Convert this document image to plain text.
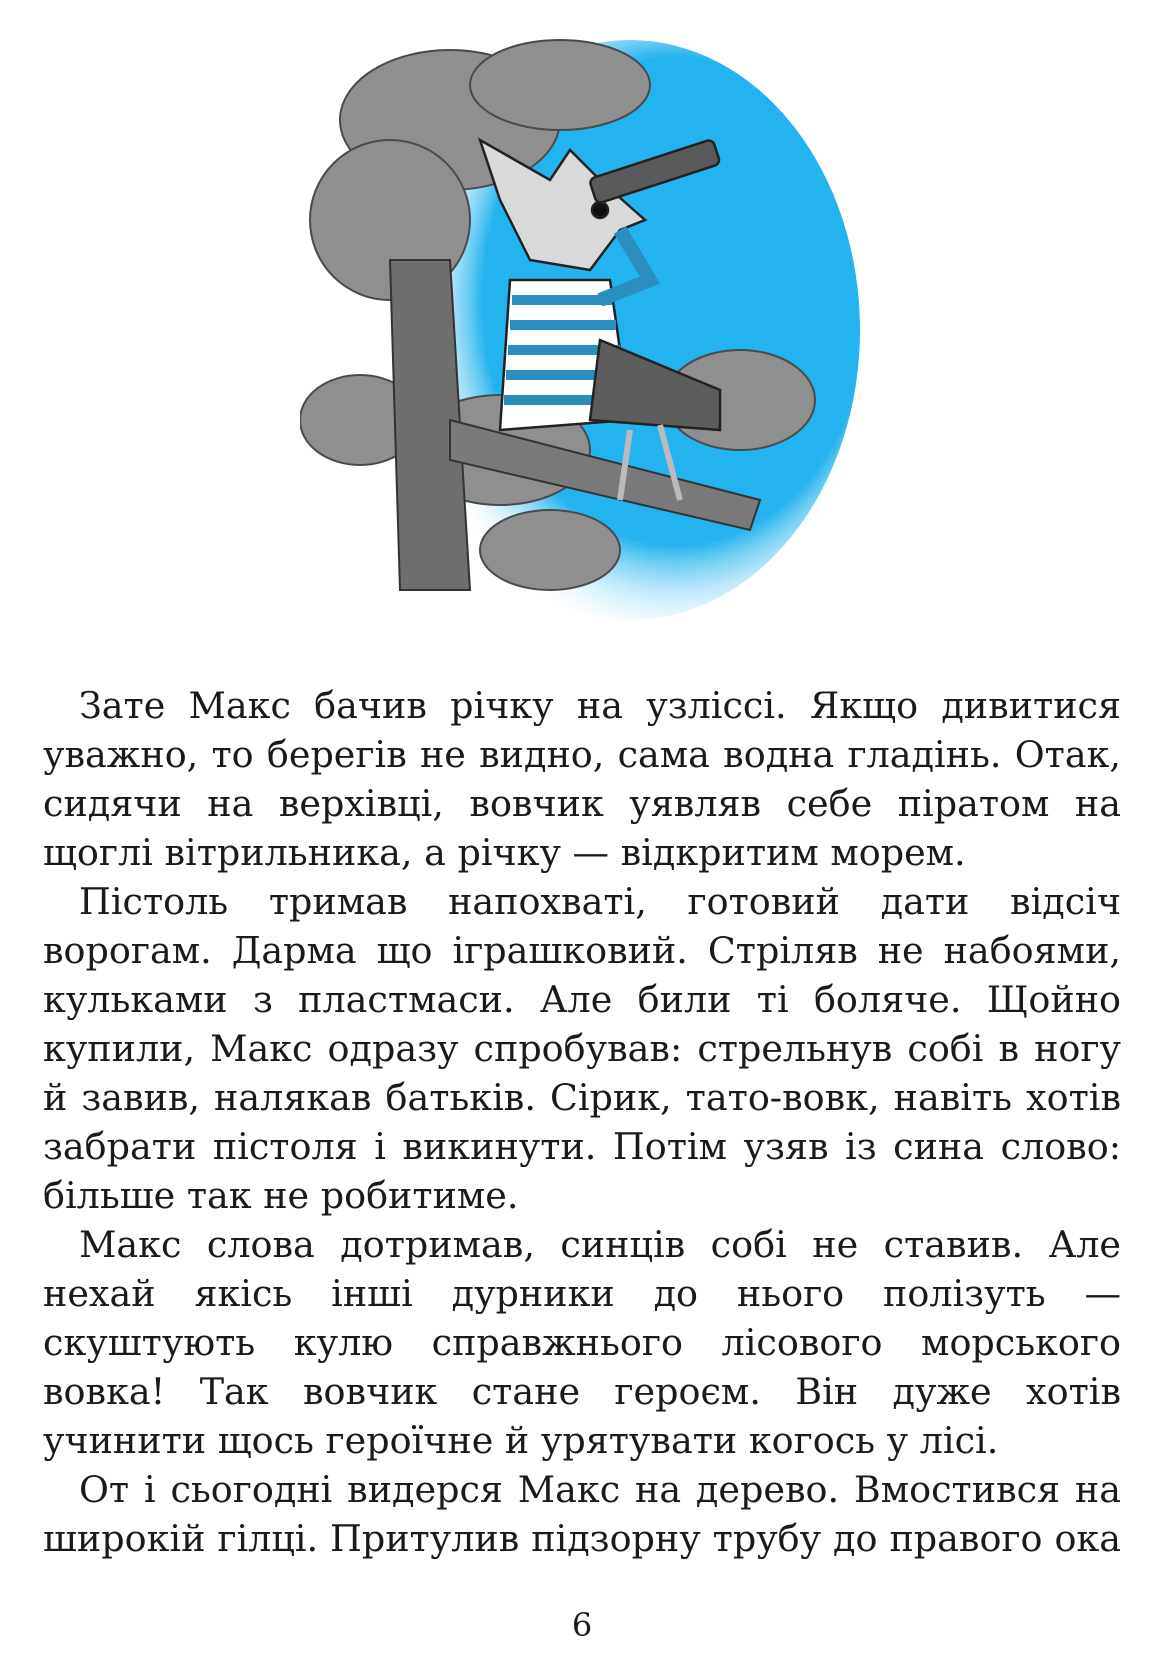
Зате Макс бачив річку на узліссі. Якщо дивитися
уважно, то берегів не видно, сама водна гладінь. Отак,
сидячи на верхівці, вовчик уявляв себе піратом на
щоглі вітрильника, а річку — відкритим морем.
Пістоль тримав напохваті, готовий дати відсіч
ворогам. Дарма що іграшковий. Стріляв не набоями,
кульками з пластмаси. Але били ті боляче. Щойно
купили, Макс одразу спробував: стрельнув собі в ногу
й завив, налякав батьків. Сірик, тато-вовк, навіть хотів
забрати пістоля і викинути. Потім узяв із сина слово:
більше так не робитиме.
Макс слова дотримав, синців собі не ставив. Але
нехай якісь інші дурники до нього полізуть —
скуштують кулю справжнього лісового морського
вовка! Так вовчик стане героєм. Він дуже хотів
учинити щось героїчне й урятувати когось у лісі.
От і сьогодні видерся Макс на дерево. Вмостився на
широкій гілці. Притулив підзорну трубу до правого ока
6
